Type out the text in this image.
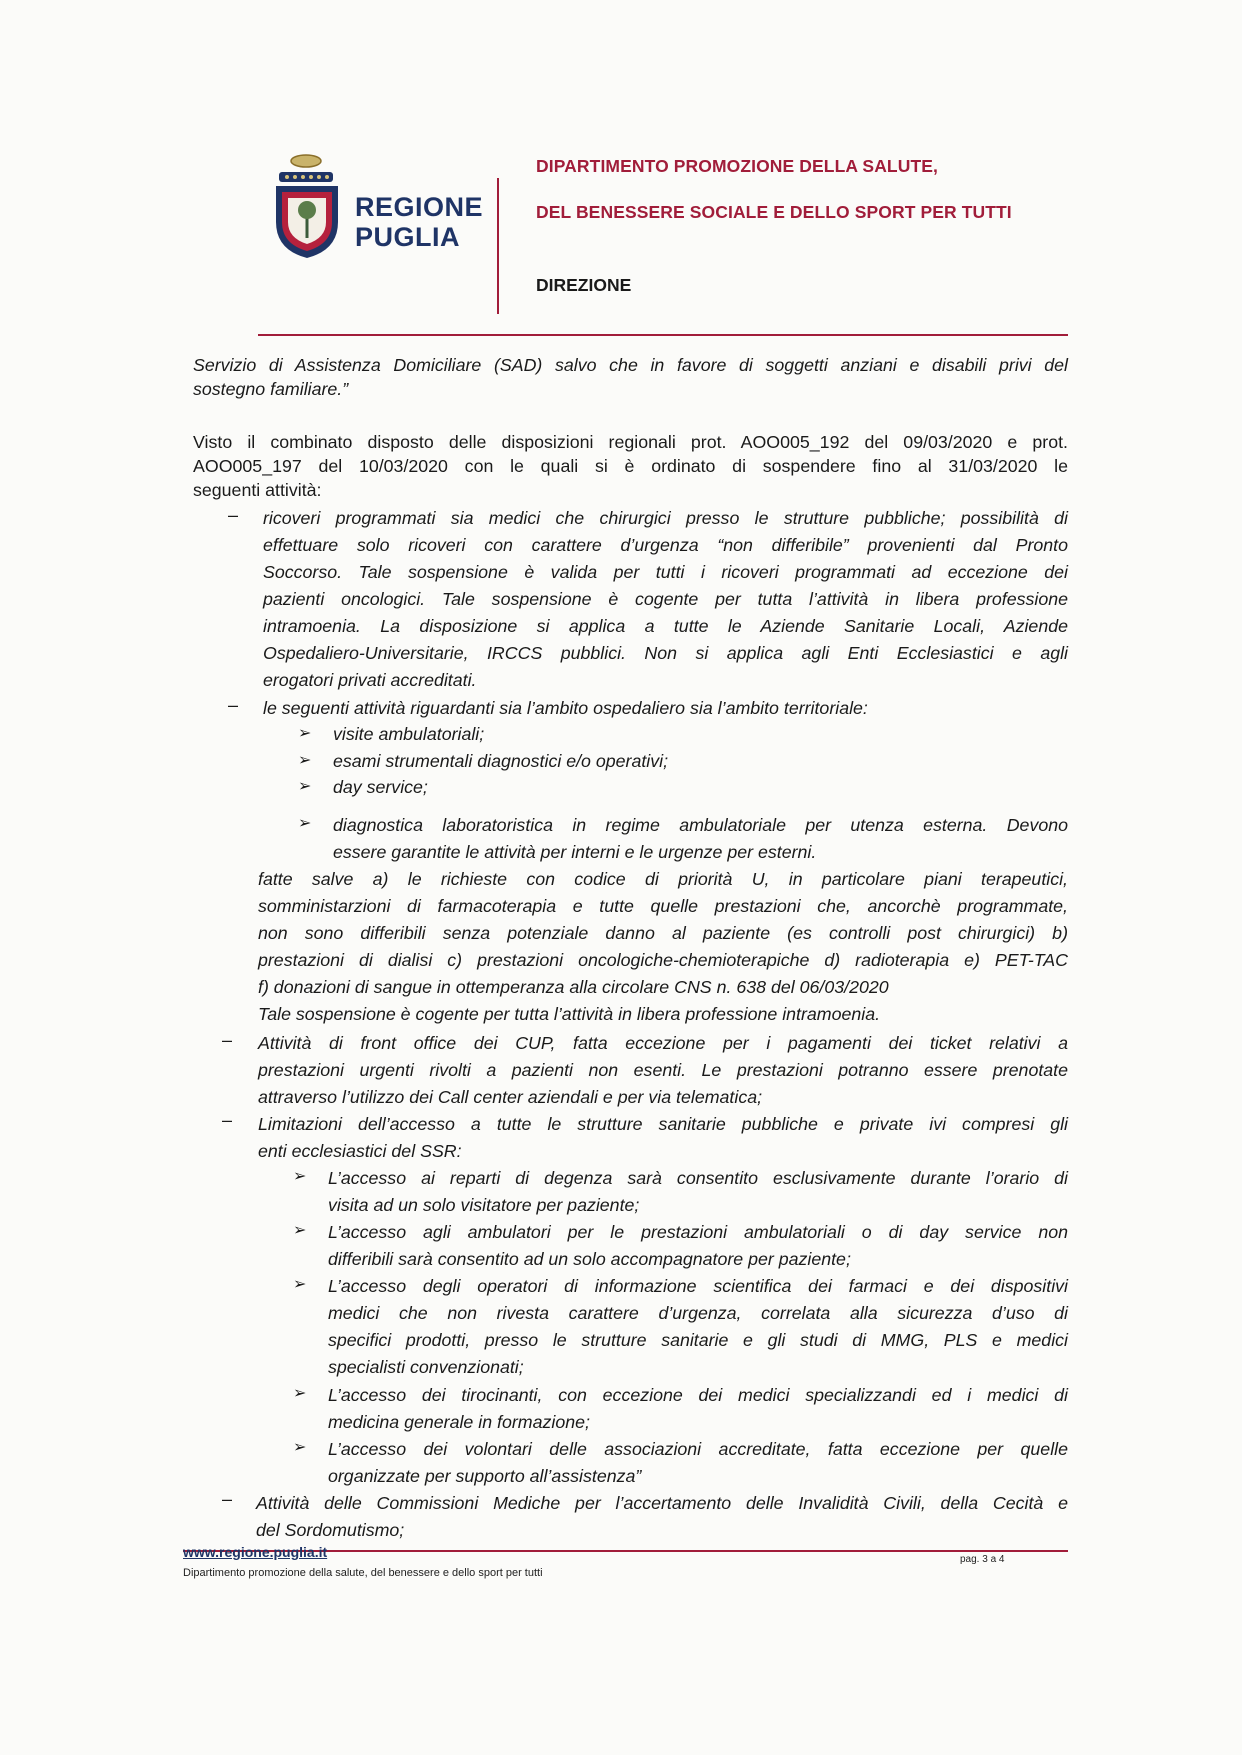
REGIONE
PUGLIA
DIPARTIMENTO PROMOZIONE DELLA SALUTE,
DEL BENESSERE SOCIALE E DELLO SPORT PER TUTTI
DIREZIONE
Servizio di Assistenza Domiciliare (SAD) salvo che in favore di soggetti anziani e disabili privi del
sostegno familiare.”
Visto il combinato disposto delle disposizioni regionali prot. AOO005_192 del 09/03/2020 e prot.
AOO005_197 del 10/03/2020 con le quali si è ordinato di sospendere fino al 31/03/2020 le
seguenti attività:
– ricoveri programmati sia medici che chirurgici presso le strutture pubbliche; possibilità di
effettuare solo ricoveri con carattere d’urgenza “non differibile” provenienti dal Pronto
Soccorso. Tale sospensione è valida per tutti i ricoveri programmati ad eccezione dei
pazienti oncologici. Tale sospensione è cogente per tutta l’attività in libera professione
intramoenia. La disposizione si applica a tutte le Aziende Sanitarie Locali, Aziende
Ospedaliero-Universitarie, IRCCS pubblici. Non si applica agli Enti Ecclesiastici e agli
erogatori privati accreditati.
– le seguenti attività riguardanti sia l’ambito ospedaliero sia l’ambito territoriale:
➢ visite ambulatoriali;
➢ esami strumentali diagnostici e/o operativi;
➢ day service;
➢ diagnostica laboratoristica in regime ambulatoriale per utenza esterna. Devono
essere garantite le attività per interni e le urgenze per esterni.
fatte salve a) le richieste con codice di priorità U, in particolare piani terapeutici,
somministarzioni di farmacoterapia e tutte quelle prestazioni che, ancorchè programmate,
non sono differibili senza potenziale danno al paziente (es controlli post chirurgici) b)
prestazioni di dialisi c) prestazioni oncologiche-chemioterapiche d) radioterapia e) PET-TAC
f) donazioni di sangue in ottemperanza alla circolare CNS n. 638 del 06/03/2020
Tale sospensione è cogente per tutta l’attività in libera professione intramoenia.
– Attività di front office dei CUP, fatta eccezione per i pagamenti dei ticket relativi a
prestazioni urgenti rivolti a pazienti non esenti. Le prestazioni potranno essere prenotate
attraverso l’utilizzo dei Call center aziendali e per via telematica;
– Limitazioni dell’accesso a tutte le strutture sanitarie pubbliche e private ivi compresi gli
enti ecclesiastici del SSR:
➢ L’accesso ai reparti di degenza sarà consentito esclusivamente durante l’orario di
visita ad un solo visitatore per paziente;
➢ L’accesso agli ambulatori per le prestazioni ambulatoriali o di day service non
differibili sarà consentito ad un solo accompagnatore per paziente;
➢ L’accesso degli operatori di informazione scientifica dei farmaci e dei dispositivi
medici che non rivesta carattere d’urgenza, correlata alla sicurezza d’uso di
specifici prodotti, presso le strutture sanitarie e gli studi di MMG, PLS e medici
specialisti convenzionati;
➢ L’accesso dei tirocinanti, con eccezione dei medici specializzandi ed i medici di
medicina generale in formazione;
➢ L’accesso dei volontari delle associazioni accreditate, fatta eccezione per quelle
organizzate per supporto all’assistenza”
– Attività delle Commissioni Mediche per l’accertamento delle Invalidità Civili, della Cecità e
del Sordomutismo;
www.regione.puglia.it
Dipartimento promozione della salute, del benessere e dello sport per tutti
pag. 3 a 4
